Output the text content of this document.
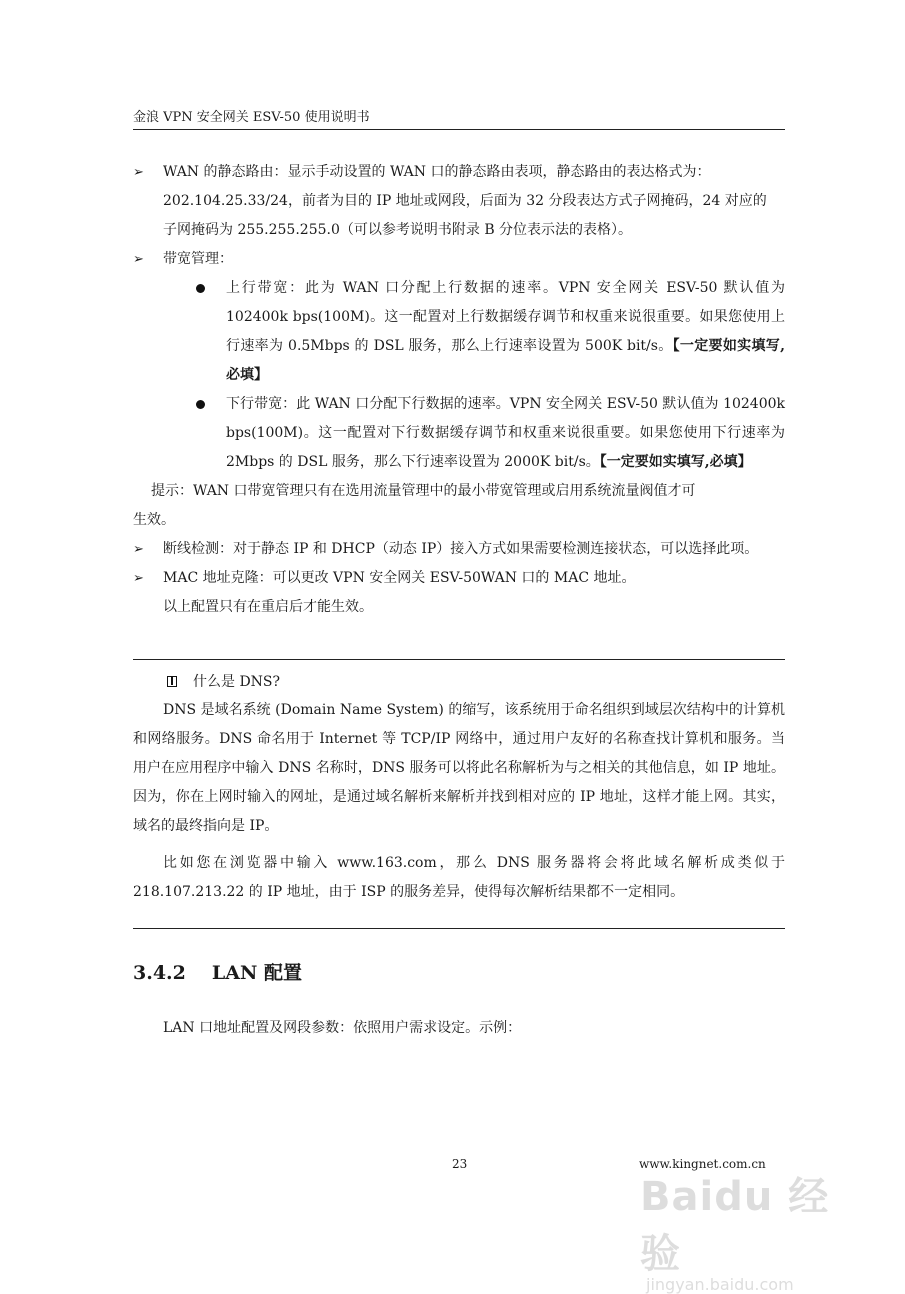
金浪 VPN 安全网关 ESV-50 使用说明书
➢ WAN 的静态路由：显示手动设置的 WAN 口的静态路由表项，静态路由的表达格式为：
202.104.25.33/24，前者为目的 IP 地址或网段，后面为 32 分段表达方式子网掩码，24 对应的
子网掩码为 255.255.255.0（可以参考说明书附录 B 分位表示法的表格）。
➢ 带宽管理：
上行带宽：此为 WAN 口分配上行数据的速率。VPN 安全网关 ESV-50 默认值为 102400k bps(100M)。这一配置对上行数据缓存调节和权重来说很重要。如果您使用上行速率为 0.5Mbps 的 DSL 服务，那么上行速率设置为 500K bit/s。【一定要如实填写,必填】
下行带宽：此 WAN 口分配下行数据的速率。VPN 安全网关 ESV-50 默认值为 102400k bps(100M)。这一配置对下行数据缓存调节和权重来说很重要。如果您使用下行速率为 2Mbps 的 DSL 服务，那么下行速率设置为 2000K bit/s。【一定要如实填写,必填】
提示：WAN 口带宽管理只有在选用流量管理中的最小带宽管理或启用系统流量阀值才可
生效。
➢ 断线检测：对于静态 IP 和 DHCP（动态 IP）接入方式如果需要检测连接状态，可以选择此项。
➢ MAC 地址克隆：可以更改 VPN 安全网关 ESV-50WAN 口的 MAC 地址。
以上配置只有在重启后才能生效。
什么是 DNS?

DNS 是域名系统 (Domain Name System) 的缩写，该系统用于命名组织到域层次结构中的计算机和网络服务。DNS 命名用于 Internet 等 TCP/IP 网络中，通过用户友好的名称查找计算机和服务。当用户在应用程序中输入 DNS 名称时，DNS 服务可以将此名称解析为与之相关的其他信息，如 IP 地址。因为，你在上网时输入的网址，是通过域名解析来解析并找到相对应的 IP 地址，这样才能上网。其实，域名的最终指向是 IP。

比如您在浏览器中输入 www.163.com，那么 DNS 服务器将会将此域名解析成类似于 218.107.213.22 的 IP 地址，由于 ISP 的服务差异，使得每次解析结果都不一定相同。

3.4.2 LAN 配置
LAN 口地址配置及网段参数：依照用户需求设定。示例：
23	www.kingnet.com.cn
Baidu 经验
jingyan.baidu.com
